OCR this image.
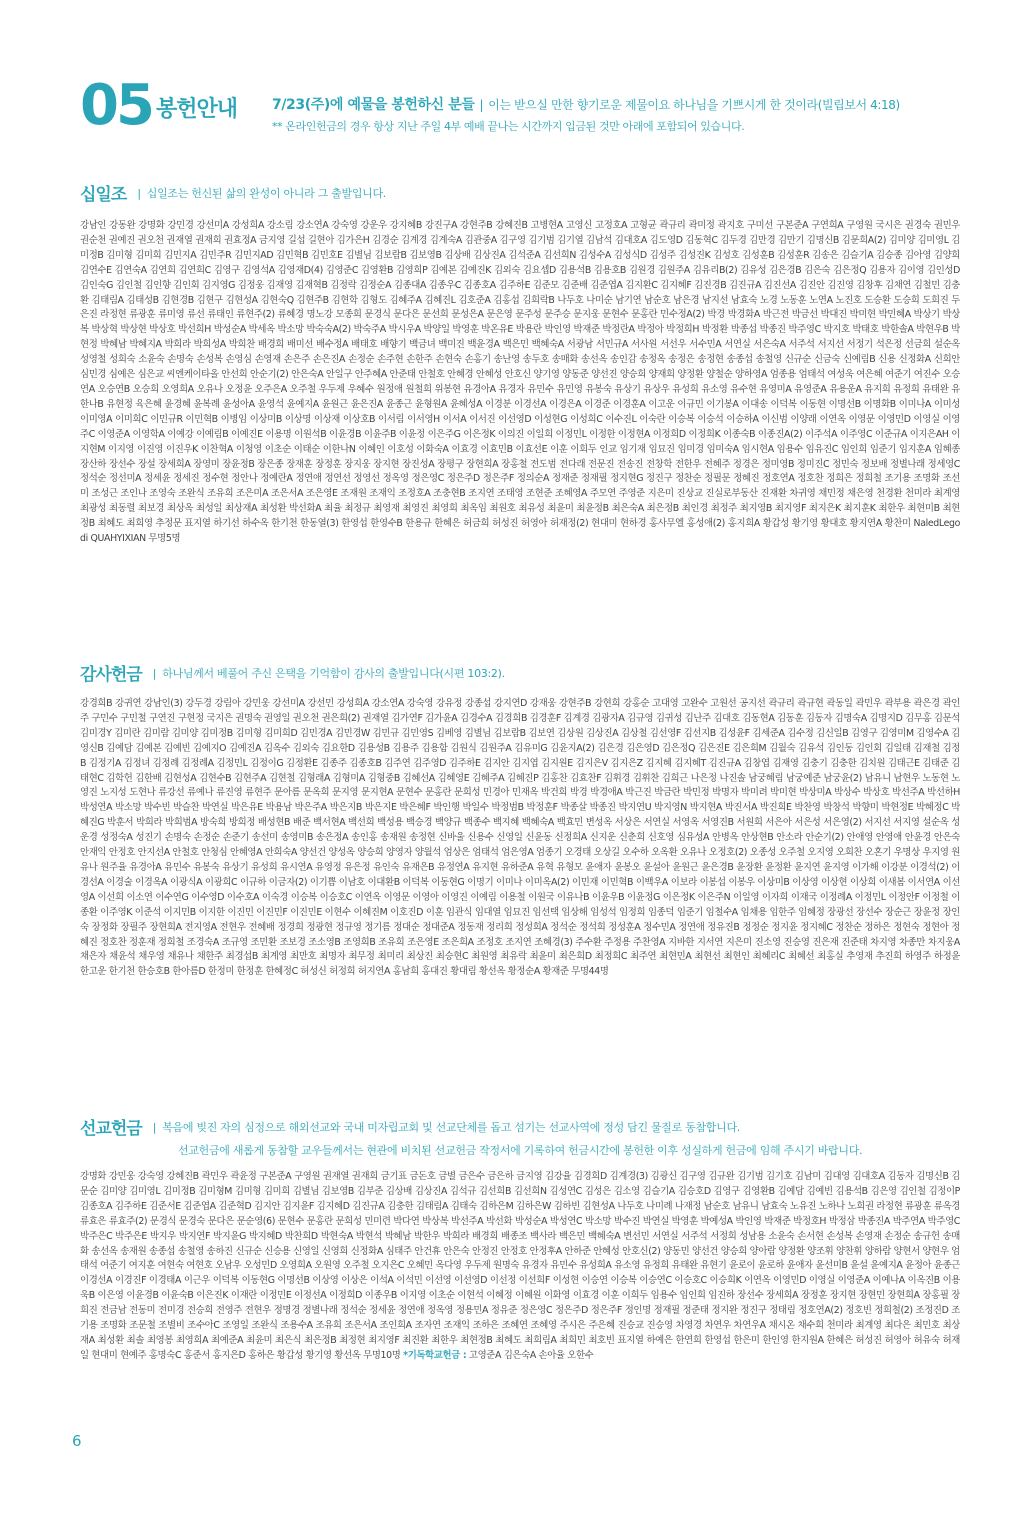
05 봉헌안내 7/23(주)에 예물을 봉헌하신 분들 | 이는 받으실 만한 향기로운 제물이요 하나님을 기쁘시게 한 것이라(빌립보서 4:18)
** 온라인헌금의 경우 항상 지난 주일 4부 예배 끝나는 시간까지 입금된 것만 아래에 포함되어 있습니다.
십일조 | 십일조는 헌신된 삶의 완성이 아니라 그 출발입니다.
강남인 강동완 강명화 강민경 강선미A 강성희A 강소림 강소연A 강숙영 강운우 강지혜B 강진구A 강현주B 강혜진B 고병현A 고영신 고정호A 고형균 곽규리 곽미정 곽지호 구미선 구본준A 구연희A 구영원 국시은 권경숙 권민우 권순천 권예진 권오천 권재열 권재희 권효정A 금지영 길섭 길현아 김가은H 김경순 김계경 김계숙A 김관중A 김구영 김기범 김기열 김남석 김대호A 김도영D 김동혁C 김두경 김만경 김만기 김명신B 김문희A(2) 김미양 김미영L 김미정B 김미형 김미희 김민지A 김민주R 김민지AD 김민혁B 김민호E 김별님 김보람B 김보영B 김상배 김상진A 김석준A 김선희N 김성수A 김성식D 김성주 김성진K 김성호 김성훈B 김성훈R 김송은 김슬기A 김승종 김아영 김양희 김연수E 김연숙A 김연희 김연희C 김영구 김영석A 김영재D(4) 김영준C 김영환B 김영희P 김예본 김예진K 김외숙 김요셉D 김용석B 김용호B 김원경 김원주A 김유리B(2) 김유성 김은경B 김은숙 김은정Q 김용자 김이영 김인성D 김인숙G 김인철 김인향 김인회 김지영G 김정웅 김재영 김재혁B 김정락 김정순A 김종대A 김종우C 김종호A 김주하E 김준모 김준배 김준엽A 김지환C 김지혜F 김진경B 김진규A 김진선A 김진안 김진영 김창후 김채연 김철민 김충환 김태림A 김태성B 김현경B 김현구 김현성A 김현숙Q 김현주B 김현학 김형도 김혜주A 김혜진L 김호준A 김홍섭 김희락B 나두호 나미순 남기연 남순호 남은경 남지선 남효숙 노경 노동훈 노연A 노진호 도승환 도승희 도희진 두은진 라정현 류광훈 류미영 류선 류태인 류현주(2) 류혜경 명노강 모종희 문경식 문다은 문선희 문성은A 문은영 문주성 문주승 문지웅 문현수 문홍란 민수정A(2) 박경 박경화A 박근전 박금선 박대진 박미현 박민혜A 박상기 박상복 박상혁 박상현 박상호 박선희H 박성순A 박세옥 박소망 박숙숙A(2) 박숙주A 박시우A 박양일 박영훈 박온유E 박용란 박인영 박재준 박정란A 박정아 박정희H 박정환 박종섭 박종진 박주영C 박지호 박태호 박한솔A 박현우B 박현정 박혜남 박혜지A 박희라 박희성A 박희찬 배경희 배미선 배수정A 배태호 배향기 백금녀 백미진 백윤경A 백은민 백혜숙A 서광남 서민규A 서사원 서선우 서수민A 서연실 서은숙A 서주석 서지선 서정기 석은정 선금희 설순옥 성영철 성희숙 소윤숙 손명숙 손성복 손영심 손영재 손은주 손은진A 손정순 손주현 손한주 손현숙 손홍기 송난영 송두호 송매화 송선옥 송인감 송정옥 송정은 송정현 송종섭 송철영 신규순 신금숙 신예림B 신용 신정화A 신희안 심민경 심예은 심은교 씨엔케이타올 안선희 안순기(2) 안은숙A 안일구 안주혜A 안준태 안철호 안혜경 안혜성 안호신 양기영 양동준 양선진 양승희 양재희 양정환 양철순 양하영A 엄종용 엄태석 여성욱 여은혜 여준기 여진수 오승연A 오승연B 오승희 오영희A 오유나 오정윤 오주은A 오주철 우두제 우혜수 원정애 원철희 위봉현 유경아A 유경자 유민수 유민영 유봉숙 유상기 유상우 유성희 유소영 유수현 유영미A 유영준A 유용운A 유지희 유정희 유태완 유한나B 유현정 육은혜 윤경혜 윤복례 윤성아A 윤영석 윤예지A 윤원근 윤은진A 윤종근 윤형원A 윤혜성A 이경분 이경선A 이경은A 이경준 이경훈A 이고운 이규민 이기봉A 이대송 이덕복 이동현 이명선B 이명화B 이미나A 이미성 이미영A 이미희C 이민규R 이민혁B 이병임 이상미B 이상명 이상재 이상호B 이서림 이서영H 이서A 이서진 이선영D 이성현G 이성희C 이수진L 이숙란 이승복 이승석 이승하A 이신범 이양래 이연옥 이영문 이영민D 이영실 이영주C 이영준A 이영학A 이예강 이예림B 이예진E 이용명 이원석B 이윤경B 이윤주B 이윤정 이은주G 이은정K 이의진 이일희 이정민L 이정한 이정현A 이정희D 이정희K 이종숙B 이종진A(2) 이주석A 이주영C 이준규A 이지은AH 이지현M 이지영 이진영 이진우K 이찬혁A 이청영 이초순 이태순 이한나N 이혜인 이호성 이화숙A 이효경 이효민B 이효선E 이훈 이희두 인교 임기재 임묘진 임미경 임미숙A 임시현A 임용수 임유진C 임인희 임준기 임지훈A 임혜종 장산하 장선수 장설 장세희A 장영미 장윤정B 장은종 장재훈 장정훈 장지웅 장지현 장진성A 장평구 장현희A 장홍철 전도범 전다래 전문진 전송진 전창학 전한우 전혜주 정경은 정미영B 정미진C 정민숙 정보배 정별나래 정세영C 정석순 정선미A 정세윤 정세진 정수현 정안나 정예란A 정연애 정연선 정영선 정옥영 정은영C 정은주D 정은주F 정의순A 정재준 정재필 정지현G 정진구 정찬순 정필문 정혜진 정호연A 정호찬 정희은 정희철 조기용 조명화 조선미 조성근 조인나 조영숙 조완식 조유희 조은미A 조은서A 조은영E 조재원 조재익 조정호A 조충현B 조지연 조태영 조현준 조혜영A 주모연 주영준 지은미 진상교 진실로부동산 진재환 차귀영 채민정 채은영 천경환 천미라 최계영 최광성 최동렬 최보경 최상옥 최성일 최상재A 최성환 박선화A 최율 최정규 최영재 최영진 최영희 최옥임 최원호 최유성 최윤미 최윤정B 최은숙A 최은정B 최인경 최정주 최지영B 최지영F 최지은K 최지훈K 최한우 최현미B 최현정B 최혜도 최희영 추정문 표지열 하기선 하수옥 한기천 한동열(3) 한영섭 한영수B 한용규 한혜은 허금희 허성진 허영아 허재정(2) 현대미 현하경 홍사무엘 홍성애(2) 홍지희A 황갑성 황기영 황대호 황지연A 황찬미 NaledLegodi QUAHYIXIAN 무명5명
감사헌금 | 하나님께서 베풀어 주신 은택을 기억함이 감사의 출발입니다(시편 103:2).
강경희B 강귀연 강남인(3) 강두경 강림아 강민웅 강선미A 강선민 강성희A 강소연A 강숙영 강유정 강종섭 강지연D 강재웅 강현주B 강현희 강홍순 고대영 고완수 고원선 공지선 곽규리 곽규현 곽동일 곽민우 곽부용 곽은경 곽인주 구민수 구민철 구연진 구현정 국지은 권명숙 권영일 권오천 권은희(2) 권재열 김가연F 김가윤A 김경수A 김경희B 김경훈F 김계경 김광자A 김규영 김귀성 김난주 김대호 김동현A 김동훈 김동자 김명숙A 김명지D 김무홍 김문석 김미경Y 김미란 김미람 김미양 김미정B 김미형 김미희D 김민경A 김민경W 김민규 김민영S 김베영 김별님 김보람B 김보연 김상원 김상진A 김상철 김선영F 김선지B 김성윤F 김세준A 김수정 김신일B 김영구 김영미M 김영수A 김영신B 김예담 김예본 김예빈 김예지O 김예진A 김옥수 김외숙 김요한D 김용성B 김용주 김용함 김원식 김원주A 김유미G 김윤지A(2) 김은경 김은영D 김은정Q 김은진E 김은희M 김월숙 김유석 김인동 김인회 김일태 김재철 김정B 김정기A 김정녀 김정례 김정례A 김정민L 김정이G 김정환E 김종주 김종호B 김주연 김주영D 김주하E 김지안 김지엽 김지원E 김지은V 김지은Z 김지혜 김지혜T 김진규A 김창엽 김재영 김충기 김충한 김치원 김태근E 김태준 김태현C 김학헌 김한배 김현성A 김현수B 김현주A 김현철 김형래A 김형미A 김형중B 김혜선A 김혜영E 김혜주A 김혜진P 김홍찬 김효찬F 김휘경 김휘찬 김희근 나은정 나진솔 남궁혜림 남궁예준 남궁윤(2) 남유니 남현우 노동현 노영진 노지성 도현나 류강선 류예나 류진영 류현주 문아름 문옥희 문지영 문지현A 문현수 문홍란 문희성 민경아 민재옥 박건희 박경 박경애A 박근진 박금란 박민정 박명자 박미려 박미현 박상미A 박상수 박상호 박선주A 박선하H 박성연A 박소망 박수빈 박슬찬 박연실 박은유E 박용남 박은주A 박은지B 박은지E 박은혜F 박인행 박일수 박정범B 박정훈F 박종살 박종진 박지연U 박지영N 박지현A 박진서A 박진희E 박찬영 박창석 박향미 박현정E 박혜정C 박혜진G 박훈서 박희라 박희범A 방숙희 방희정 배성현B 배준 백서현A 백선희 백성용 백승경 백양규 백종수 백지혜 백혜숙A 백효민 변성옥 서상은 서연실 서영옥 서영진B 서원희 서은아 서은성 서은영(2) 서지선 서지영 설순옥 성운경 성정숙A 성진기 손명숙 손정순 손준기 송선미 송영미B 송은정A 송인홍 송재원 송정현 신바울 신용수 신영일 신윤동 신정희A 신지운 신춘희 신호영 심유성A 안병옥 안상현B 안소라 안순기(2) 안애영 안영애 안윤경 안은숙 안재익 안정호 안지선A 안철호 안청심 안혜영A 안희숙A 양선건 양성옥 양승희 양영자 양월석 엄상은 엄태석 엄은영A 엄종기 오경태 오상길 오수하 오옥환 오유나 오정호(2) 오종성 오주철 오지영 오희찬 오혼기 우명상 우지영 원유나 원주율 유경아A 유민수 유봉숙 유상기 유성희 유시연A 유영정 유은정 유인숙 유재은B 유정연A 유지현 유하준A 유혁 유형모 윤애자 윤봉오 윤설아 윤원근 윤은경B 윤장환 윤정환 윤지연 윤지영 이가해 이강분 이경석(2) 이경선A 이경술 이경옥A 이광식A 이광희C 이규하 이금자(2) 이기쁨 이남호 이대환B 이덕복 이동현G 이명기 이미나 이미옥A(2) 이민재 이민혁B 이백우A 이보라 이봉섭 이봉우 이상미B 이상영 이상현 이상희 이새봄 이서연A 이선영A 이선희 이소연 이수연G 이수영D 이수호A 이숙경 이승복 이승호C 이연옥 이영문 이영아 이영진 이예림 이용철 이원국 이유나B 이윤우B 이윤정G 이은정K 이은주N 이일영 이자희 이재국 이정례A 이정민L 이정안F 이정철 이종환 이주영K 이준석 이지민B 이지한 이진민 이진민F 이진민E 이현수 이혜진M 이호진D 이훈 임관식 임대열 임묘진 임선택 임상해 임성석 임정희 임종덕 임준기 임철수A 임채용 임한주 임혜정 장광선 장선수 장순근 장윤정 장인숙 장정화 장필주 장현희A 전지영A 전현우 전혜배 정경희 정광현 정규영 정기름 정대순 정대준A 정동재 정리희 정성희A 정석순 정석희 정성훈A 정수민A 정연애 정유진B 정정순 정지윤 정지혜C 정찬순 정하은 정현숙 정현아 정혜진 정호찬 정훈재 정희철 조경숙A 조규영 조민환 조보경 조소영B 조영희B 조유희 조은영E 조은희A 조정호 조지연 조혜경(3) 주수환 주정용 주찬영A 지바한 지서연 지은미 진소영 진승영 진은재 진준태 차지영 차종만 차지웅A 채은자 채윤석 채우영 채유나 채한주 최경섭B 최계영 최만호 최명자 최무정 최미리 최상진 최승현C 최원영 최유락 최윤미 최은희D 최정희C 최주연 최현민A 최현선 최현인 최혜리C 최혜선 최홍실 추영재 추진희 하영주 하정윤 한고운 한기천 한승호B 한아름D 한정미 한정훈 한혜정C 허성신 허정희 허지연A 홍남희 홍대진 황대림 황선옥 황정순A 황재준 무명44명
선교헌금 | 복음에 빚진 자의 심정으로 해외선교와 국내 미자립교회 및 선교단체를 돕고 섬기는 선교사역에 정성 담긴 물질로 동참합니다.
선교헌금에 새롭게 동참할 교우들께서는 현관에 비치된 선교헌금 작정서에 기록하여 헌금시간에 봉헌한 이후 성실하게 헌금에 임해 주시기 바랍니다.
강명화 강민웅 강숙영 강혜진B 곽민우 곽윤정 구본준A 구영원 권재열 권재희 금기표 금돈호 금별 금은수 금은하 금지영 김강율 김경희D 김계경(3) 김광신 김구영 김규완 김기범 김기호 김남미 김대영 김대호A 김동자 김명신B 김문순 김미양 김미영L 김미정B 김미형M 김미형 김미희 김별님 김보영B 김부준 김상배 김상진A 김석규 김선희B 김선희N 김성연C 김성은 김소영 김슬기A 김승호D 김영구 김영환B 김예담 김예빈 김용석B 김은영 김인철 김정이P 김종호A 김주하E 김준서E 김준엽A 김준혁D 김지안 김지윤F 김지혜D 김진규A 김충한 김태림A 김태숙 김하은M 김하은W 김하빈 김현성A 나두호 나미례 나재정 남순호 남유니 남효숙 노유진 노하나 노희권 라정현 류광훈 류옥경 류효은 류효주(2) 문경식 문경숙 문다은 문순영(6) 문현수 문홍란 문희성 민미련 박다연 박상복 박선주A 박선화 박성순A 박성연C 박소망 박수진 박연실 박영훈 박예성A 박인영 박재준 박정호H 박정삼 박종진A 박주연A 박주영C 박주은C 박주은E 박지우 박지연F 박지윤G 박지혜D 박찬희D 박현숙A 박현석 박혜남 박한우 박희라 배경희 배종조 백사라 백은민 백혜숙A 변선민 서연실 서주석 서정희 성남용 소윤숙 손서현 손성복 손영재 손정순 송규헌 송매화 송선옥 송재원 송종섭 송철영 송하진 신규순 신승용 신영일 신영희 신정화A 심태주 안건휴 안은숙 안정진 안정호 안정후A 안하준 안혜성 안호신(2) 양동민 양선건 양승희 양아람 양정환 양조휘 양찬휘 양하람 양현서 양현우 엄태석 여준기 여지훈 여현숙 여현호 오남우 오성민D 오영희A 오원영 오주철 오지은C 오혜민 옥다영 우두제 원명숙 유경자 유민수 유성희A 유소영 유정희 유태완 유현기 윤로이 윤로하 윤애자 윤선미B 윤설 윤예지A 윤정아 윤종근 이경선A 이경진F 이경태A 이근우 이덕복 이동현G 이명선B 이상영 이상은 이석A 이석민 이선영 이선영D 이선정 이선희F 이성현 이승연 이승복 이승연C 이승호C 이승희K 이연옥 이영민D 이영실 이영준A 이예나A 이옥진B 이용욱B 이은영 이윤경B 이윤숙B 이은진K 이재란 이정민E 이정선A 이정희D 이종우B 이지영 이초순 이현석 이혜정 이혜원 이화영 이효경 이훈 이희두 임용수 임인희 임진하 장선수 장세희A 장정훈 장지현 장현민 장현희A 장홍필 장희진 전금남 전동미 전미경 전승희 전영주 전현우 정명경 정별나래 정석순 정세윤 정연애 정옥영 정용민A 정유준 정은영C 정은주D 정은주F 정인명 정재필 정준태 정지완 정진구 정태림 정호연A(2) 정호빈 정희철(2) 조정진D 조기용 조명화 조문철 조별비 조수아C 조영일 조완식 조용수A 조유희 조은서A 조인희A 조자연 조재익 조하은 조혜연 조혜영 주시은 주은혜 진승교 진승영 차영경 차연우 차연우A 채시온 채수희 천미라 최계영 최다은 최민호 최상재A 최성환 최솔 최영봉 최영희A 최예준A 최윤미 최은식 최은정B 최정현 최지영F 최진환 최한우 최현정B 최혜도 최희림A 최희민 최호빈 표지열 하예은 한연희 한영섭 한은미 한인영 한지원A 한혜은 허성진 허영아 허유숙 허재일 현대미 현예주 홍명숙C 홍준서 홍지은D 홍하은 황갑성 황기영 황선옥 무명10명 *기독학교헌금 : 고영준A 김은숙A 손아율 오한수
6
